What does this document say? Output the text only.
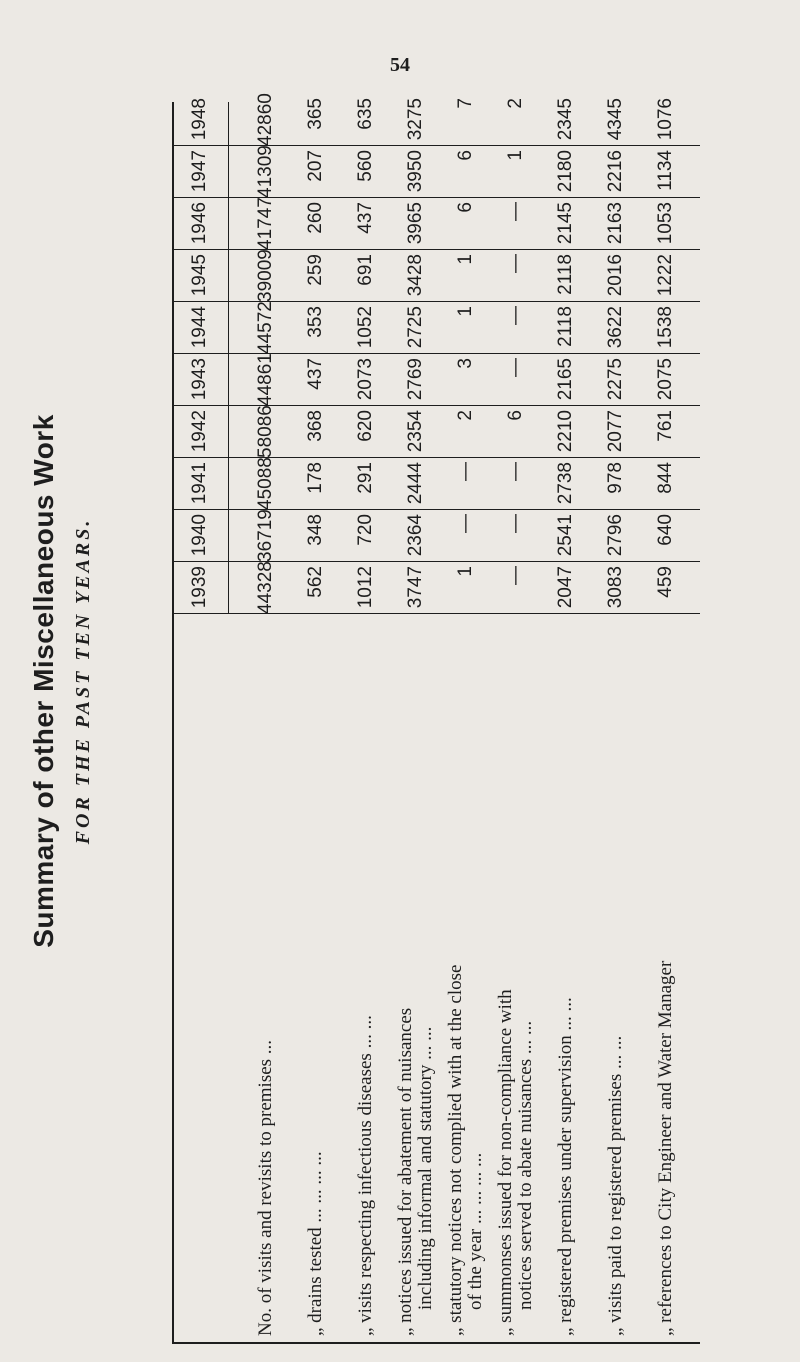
54
Summary of other Miscellaneous Work FOR THE PAST TEN YEARS.	1939
1940
1941
1942
1943
1944
1945
1946
1947
1948
No. of visits and revisits to premises ...
44328
36719
45088
58086
44861
44572
39009
41747
41309
42860
„ drains tested ... ... ... ...
562
348
178
368
437
353
259
260
207
365
„ visits respecting infectious diseases ... ...
1012
720
291
620
2073
1052
691
437
560
635
„ notices issued for abatement of nuisances including informal and statutory ... ...
3747
2364
2444
2354
2769
2725
3428
3965
3950
3275
„ statutory notices not complied with at the close of the year ... ... ... ...
1
—
—
2
3
1
1
6
6
7
„ summonses issued for non-compliance with notices served to abate nuisances ... ...
—
—
—
6
—
—
—
—
1
2
„ registered premises under supervision ... ...
2047
2541
2738
2210
2165
2118
2118
2145
2180
2345
„ visits paid to registered premises ... ...
3083
2796
978
2077
2275
3622
2016
2163
2216
4345
„ references to City Engineer and Water Manager
459
640
844
761
2075
1538
1222
1053
1134
1076
